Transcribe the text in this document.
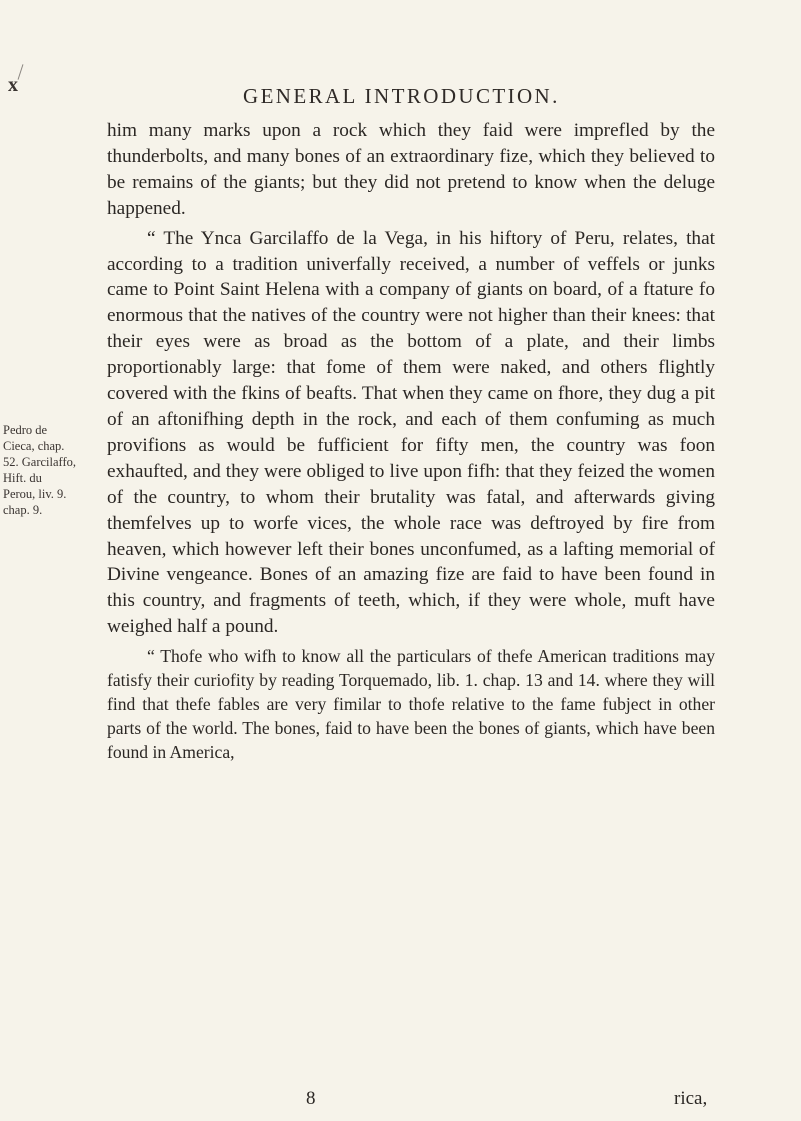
x	GENERAL INTRODUCTION.
Pedro de Cieca, chap. 52. Garcilaffo, Hift. du Perou, liv. 9. chap. 9.

him many marks upon a rock which they faid were imprefled by the thunderbolts, and many bones of an extraordinary fize, which they believed to be remains of the giants; but they did not pretend to know when the deluge happened.

“ The Ynca Garcilaffo de la Vega, in his hiftory of Peru, relates, that according to a tradition univerfally received, a number of veffels or junks came to Point Saint Helena with a company of giants on board, of a ftature fo enormous that the natives of the country were not higher than their knees: that their eyes were as broad as the bottom of a plate, and their limbs proportionably large: that fome of them were naked, and others flightly covered with the fkins of beafts. That when they came on fhore, they dug a pit of an aftonifhing depth in the rock, and each of them confuming as much provifions as would be fufficient for fifty men, the country was foon exhaufted, and they were obliged to live upon fifh: that they feized the women of the country, to whom their brutality was fatal, and afterwards giving themfelves up to worfe vices, the whole race was deftroyed by fire from heaven, which however left their bones unconfumed, as a lafting memorial of Divine vengeance. Bones of an amazing fize are faid to have been found in this country, and fragments of teeth, which, if they were whole, muft have weighed half a pound.

“ Thofe who wifh to know all the particulars of thefe American traditions may fatisfy their curiofity by reading Torquemado, lib. 1. chap. 13 and 14. where they will find that thefe fables are very fimilar to thofe relative to the fame fubject in other parts of the world. The bones, faid to have been the bones of giants, which have been found in America,

8	rica,
